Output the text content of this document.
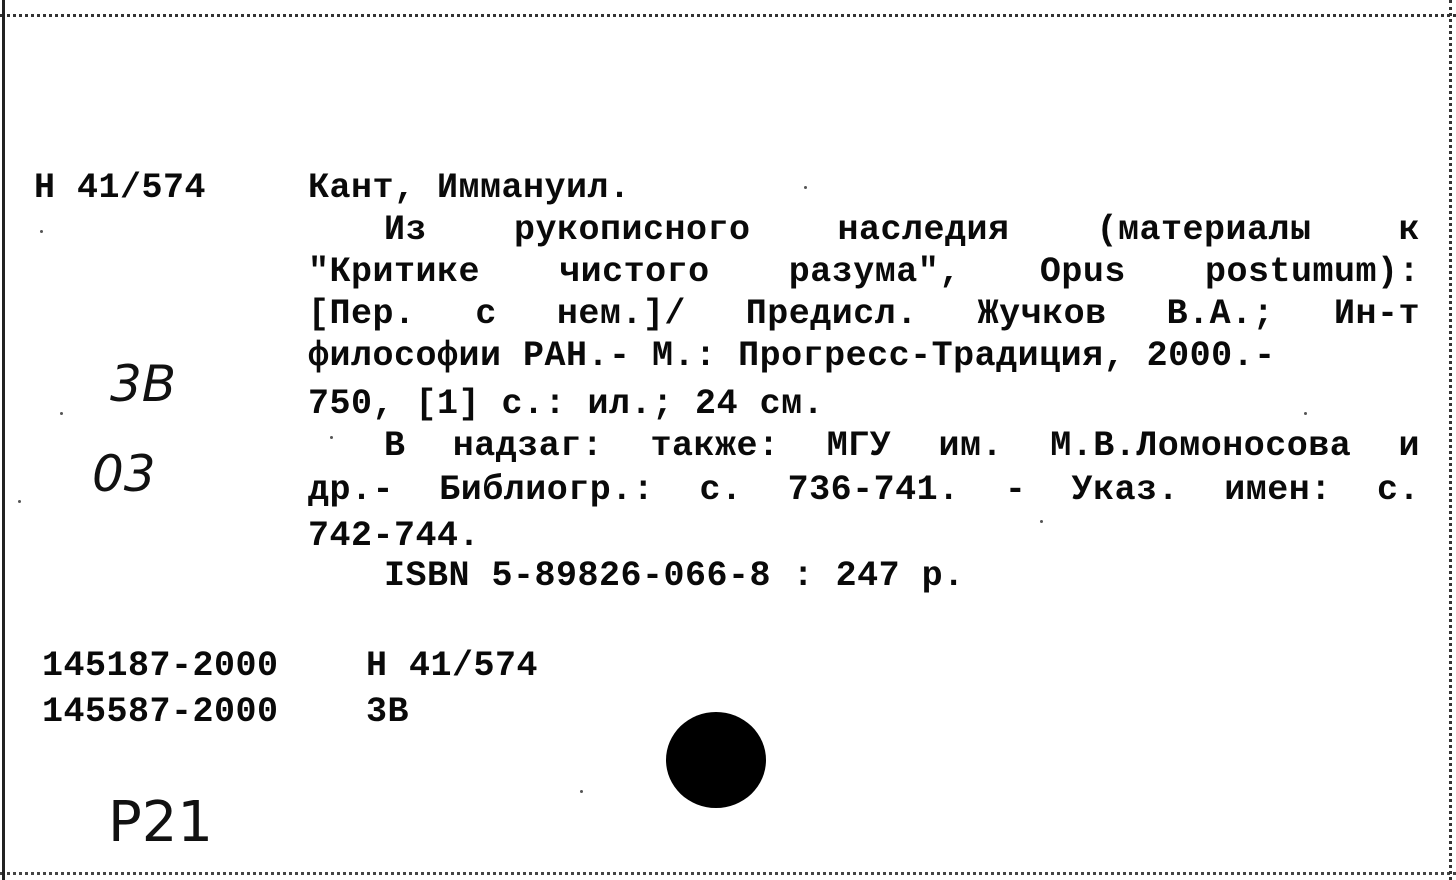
Н 41/574	Кант, Иммануил.
Из рукописного наследия (материалы к
"Критике чистого разума", Opus postumum):
[Пер. с нем.]/ Предисл. Жучков В.А.; Ин-т
философии РАН.- М.: Прогресс-Традиция, 2000.-
750, [1] с.: ил.; 24 см.
В надзаг: также: МГУ им. М.В.Ломоносова и
др.- Библиогр.: с. 736-741. - Указ. имен: с.
742-744.
ISBN 5-89826-066-8 : 247 р.
3В
03
145187-2000 Н 41/574
145587-2000 3В
P21
